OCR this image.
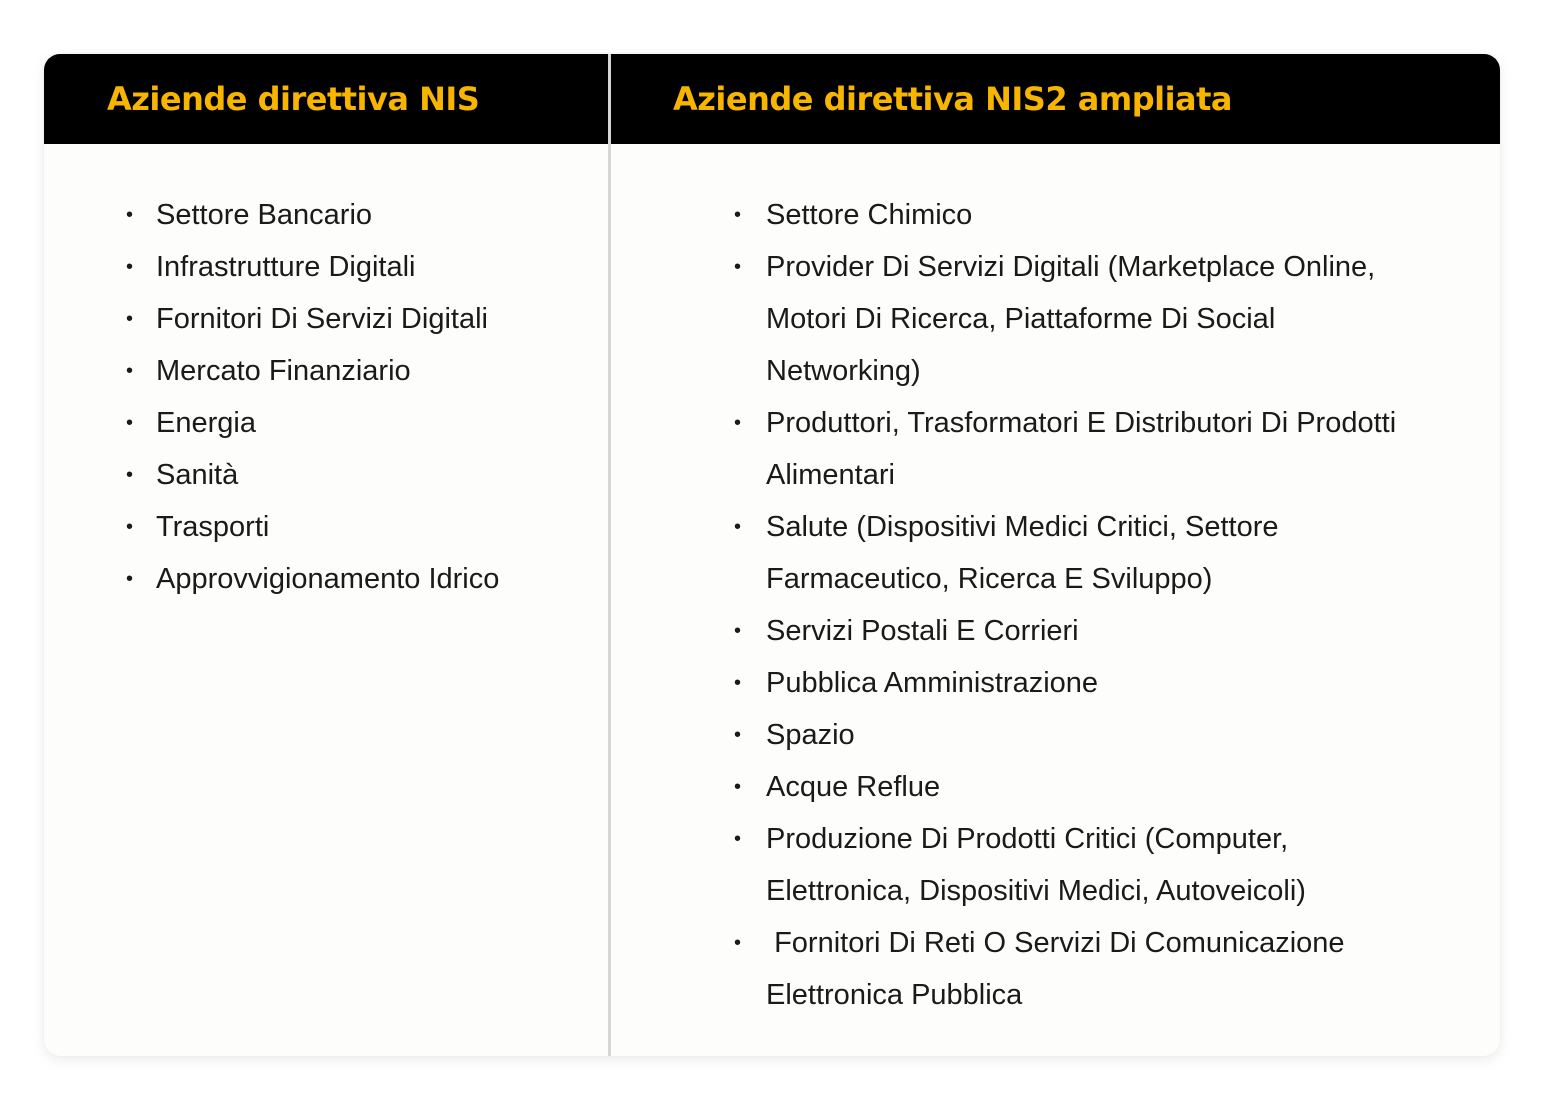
Aziende direttiva NIS
• Settore Bancario
• Infrastrutture Digitali
• Fornitori Di Servizi Digitali
• Mercato Finanziario
• Energia
• Sanità
• Trasporti
• Approvvigionamento Idrico
Aziende direttiva NIS2 ampliata
• Settore Chimico
• Provider Di Servizi Digitali (Marketplace Online, Motori Di Ricerca, Piattaforme Di Social Networking)
• Produttori, Trasformatori E Distributori Di Prodotti Alimentari
• Salute (Dispositivi Medici Critici, Settore Farmaceutico, Ricerca E Sviluppo)
• Servizi Postali E Corrieri
• Pubblica Amministrazione
• Spazio
• Acque Reflue
• Produzione Di Prodotti Critici (Computer, Elettronica, Dispositivi Medici, Autoveicoli)
• Fornitori Di Reti O Servizi Di Comunicazione Elettronica Pubblica
